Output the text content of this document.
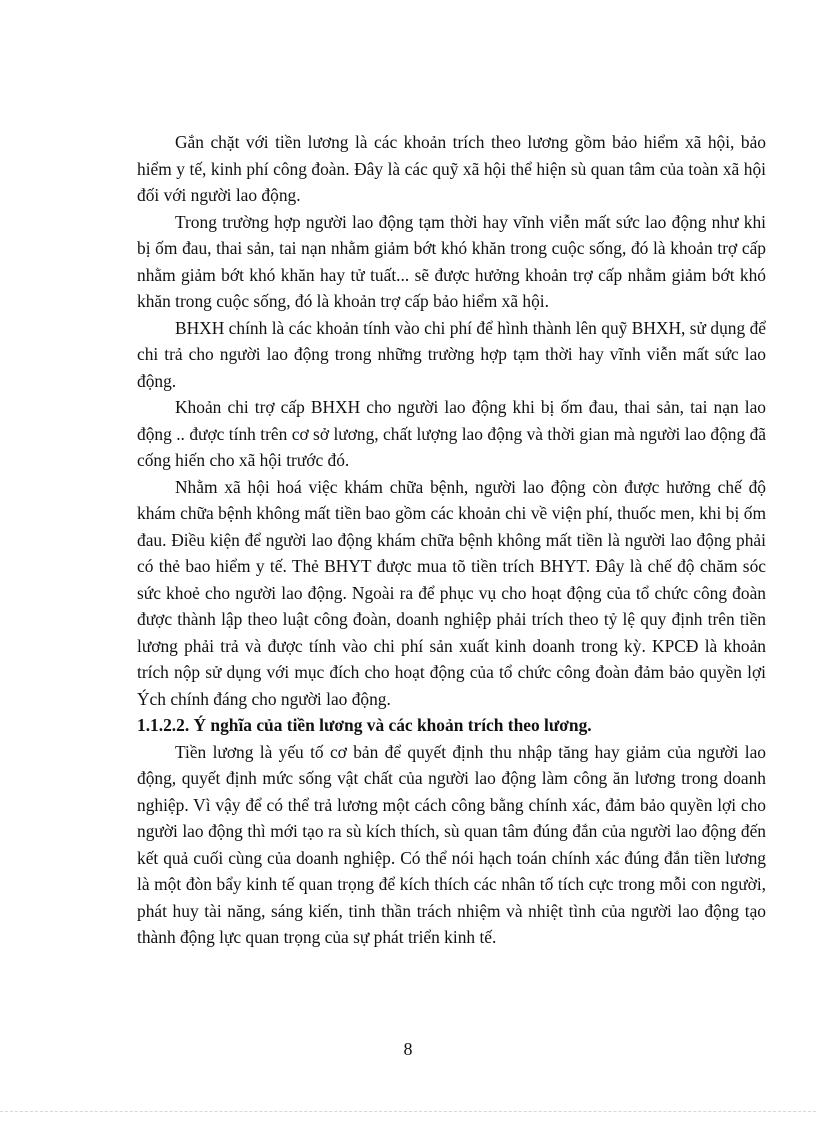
Gắn chặt với tiền lương là các khoản trích theo lương gồm bảo hiểm xã hội, bảo hiểm y tế, kinh phí công đoàn. Đây là các quỹ xã hội thể hiện sù quan tâm của toàn xã hội đối với người lao động.

Trong trường hợp người lao động tạm thời hay vĩnh viễn mất sức lao động như khi bị ốm đau, thai sản, tai nạn nhằm giảm bớt khó khăn trong cuộc sống, đó là khoản trợ cấp nhằm giảm bớt khó khăn hay tử tuất... sẽ được hưởng khoản trợ cấp nhằm giảm bớt khó khăn trong cuộc sống, đó là khoản trợ cấp bảo hiểm xã hội.

BHXH chính là các khoản tính vào chi phí để hình thành lên quỹ BHXH, sử dụng để chi trả cho người lao động trong những trường hợp tạm thời hay vĩnh viễn mất sức lao động.

Khoản chi trợ cấp BHXH cho người lao động khi bị ốm đau, thai sản, tai nạn lao động .. được tính trên cơ sở lương, chất lượng lao động và thời gian mà người lao động đã cống hiến cho xã hội trước đó.

Nhằm xã hội hoá việc khám chữa bệnh, người lao động còn được hưởng chế độ khám chữa bệnh không mất tiền bao gồm các khoản chi về viện phí, thuốc men, khi bị ốm đau. Điều kiện để người lao động khám chữa bệnh không mất tiền là người lao động phải có thẻ bao hiểm y tế. Thẻ BHYT được mua tõ tiền trích BHYT. Đây là chế độ chăm sóc sức khoẻ cho người lao động. Ngoài ra để phục vụ cho hoạt động của tổ chức công đoàn được thành lập theo luật công đoàn, doanh nghiệp phải trích theo tỷ lệ quy định trên tiền lương phải trả và được tính vào chi phí sản xuất kinh doanh trong kỳ. KPCĐ là khoản trích nộp sử dụng với mục đích cho hoạt động của tổ chức công đoàn đảm bảo quyền lợi Ých chính đáng cho người lao động.

1.1.2.2. Ý nghĩa của tiền lương và các khoản trích theo lương.

Tiền lương là yếu tố cơ bản để quyết định thu nhập tăng hay giảm của người lao động, quyết định mức sống vật chất của người lao động làm công ăn lương trong doanh nghiệp. Vì vậy để có thể trả lương một cách công bằng chính xác, đảm bảo quyền lợi cho người lao động thì mới tạo ra sù kích thích, sù quan tâm đúng đắn của người lao động đến kết quả cuối cùng của doanh nghiệp. Có thể nói hạch toán chính xác đúng đắn tiền lương là một đòn bẩy kinh tế quan trọng để kích thích các nhân tố tích cực trong mỗi con người, phát huy tài năng, sáng kiến, tinh thần trách nhiệm và nhiệt tình của người lao động tạo thành động lực quan trọng của sự phát triển kinh tế.

8
